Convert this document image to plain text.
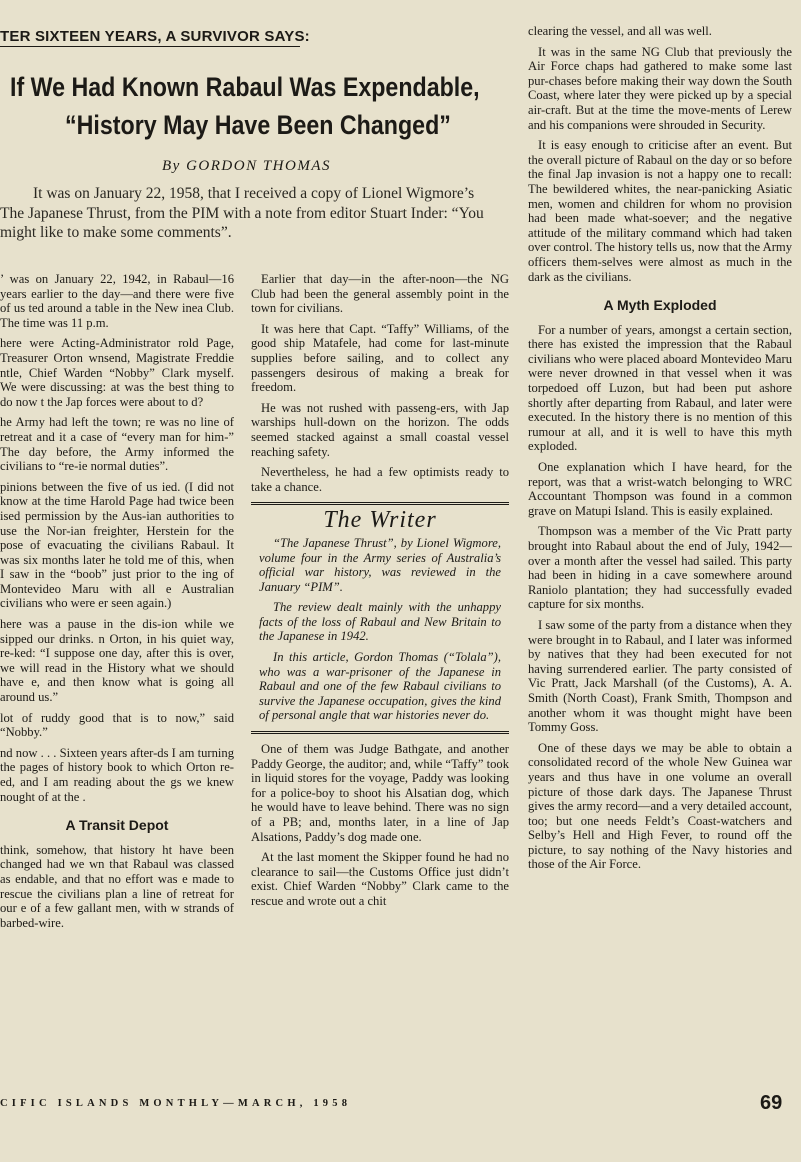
TER SIXTEEN YEARS, A SURVIVOR SAYS:
If We Had Known Rabaul Was Expendable,
“History May Have Been Changed”
By GORDON THOMAS

It was on January 22, 1958, that I received a copy of Lionel Wigmore’s The Japanese Thrust, from the PIM with a note from editor Stuart Inder: “You might like to make some comments”.

’ was on January 22, 1942, in Rabaul—16 years earlier to the day—and there were five of us ted around a table in the New inea Club. The time was 11 p.m.

here were Acting-Administrator rold Page, Treasurer Orton wnsend, Magistrate Freddie ntle, Chief Warden “Nobby” Clark myself. We were discussing: at was the best thing to do now t the Jap forces were about to d?

he Army had left the town; re was no line of retreat and it a case of “every man for him-” The day before, the Army informed the civilians to “re-ie normal duties”.

pinions between the five of us ied. (I did not know at the time Harold Page had twice been ised permission by the Aus-ian authorities to use the Nor-ian freighter, Herstein for the pose of evacuating the civilians Rabaul. It was six months later he told me of this, when I saw in the “boob” just prior to the ing of Montevideo Maru with all e Australian civilians who were er seen again.)

here was a pause in the dis-ion while we sipped our drinks. n Orton, in his quiet way, re-ked: “I suppose one day, after this is over, we will read in the History what we should have e, and then know what is going all around us.”

lot of ruddy good that is to now,” said “Nobby.”

nd now . . . Sixteen years after-ds I am turning the pages of history book to which Orton re-ed, and I am reading about the gs we knew nought of at the .

A Transit Depot

think, somehow, that history ht have been changed had we wn that Rabaul was classed as endable, and that no effort was e made to rescue the civilians plan a line of retreat for our e of a few gallant men, with w strands of barbed-wire.

Earlier that day—in the after-noon—the NG Club had been the general assembly point in the town for civilians.

It was here that Capt. “Taffy” Williams, of the good ship Matafele, had come for last-minute supplies before sailing, and to collect any passengers desirous of making a break for freedom.

He was not rushed with passeng-ers, with Jap warships hull-down on the horizon. The odds seemed stacked against a small coastal vessel reaching safety.

Nevertheless, he had a few optimists ready to take a chance.

The Writer

“The Japanese Thrust”, by Lionel Wigmore, volume four in the Army series of Australia’s official war history, was reviewed in the January “PIM”.

The review dealt mainly with the unhappy facts of the loss of Rabaul and New Britain to the Japanese in 1942.

In this article, Gordon Thomas (“Tolala”), who was a war-prisoner of the Japanese in Rabaul and one of the few Rabaul civilians to survive the Japanese occupation, gives the kind of personal angle that war histories never do.

One of them was Judge Bathgate, and another Paddy George, the auditor; and, while “Taffy” took in liquid stores for the voyage, Paddy was looking for a police-boy to shoot his Alsatian dog, which he would have to leave behind. There was no sign of a PB; and, months later, in a line of Jap Alsations, Paddy’s dog made one.

At the last moment the Skipper found he had no clearance to sail—the Customs Office just didn’t exist. Chief Warden “Nobby” Clark came to the rescue and wrote out a chit

clearing the vessel, and all was well.

It was in the same NG Club that previously the Air Force chaps had gathered to make some last pur-chases before making their way down the South Coast, where later they were picked up by a special air-craft. But at the time the move-ments of Lerew and his companions were shrouded in Security.

It is easy enough to criticise after an event. But the overall picture of Rabaul on the day or so before the final Jap invasion is not a happy one to recall: The bewildered whites, the near-panicking Asiatic men, women and children for whom no provision had been made what-soever; and the negative attitude of the military command which had taken over control. The history tells us, now that the Army officers them-selves were almost as much in the dark as the civilians.

A Myth Exploded

For a number of years, amongst a certain section, there has existed the impression that the Rabaul civilians who were placed aboard Montevideo Maru were never drowned in that vessel when it was torpedoed off Luzon, but had been put ashore shortly after departing from Rabaul, and later were executed. In the history there is no mention of this rumour at all, and it is well to have this myth exploded.

One explanation which I have heard, for the report, was that a wrist-watch belonging to WRC Accountant Thompson was found in a common grave on Matupi Island. This is easily explained.

Thompson was a member of the Vic Pratt party brought into Rabaul about the end of July, 1942—over a month after the vessel had sailed. This party had been in hiding in a cave somewhere around Raniolo plantation; they had successfully evaded capture for six months.

I saw some of the party from a distance when they were brought in to Rabaul, and I later was informed by natives that they had been executed for not having surrendered earlier. The party consisted of Vic Pratt, Jack Marshall (of the Customs), A. A. Smith (North Coast), Frank Smith, Thompson and another whom it was thought might have been Tommy Goss.

One of these days we may be able to obtain a consolidated record of the whole New Guinea war years and thus have in one volume an overall picture of those dark days. The Japanese Thrust gives the army record—and a very detailed account, too; but one needs Feldt’s Coast-watchers and Selby’s Hell and High Fever, to round off the picture, to say nothing of the Navy histories and those of the Air Force.

CIFIC ISLANDS MONTHLY—MARCH, 1958	69
